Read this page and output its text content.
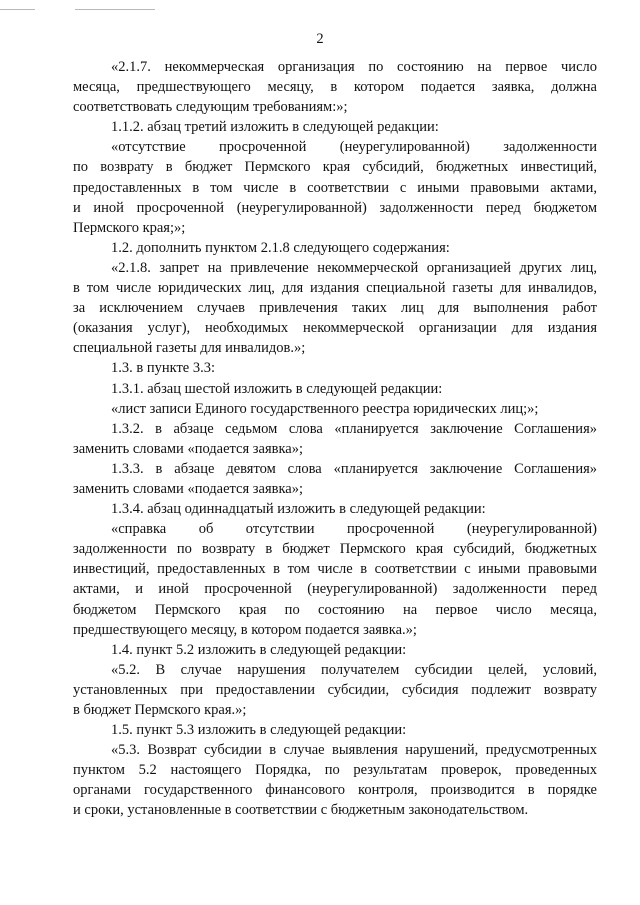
2
«2.1.7. некоммерческая организация по состоянию на первое число
месяца, предшествующего месяцу, в котором подается заявка, должна
соответствовать следующим требованиям:»;
1.1.2. абзац третий изложить в следующей редакции:
«отсутствие просроченной (неурегулированной) задолженности
по возврату в бюджет Пермского края субсидий, бюджетных инвестиций,
предоставленных в том числе в соответствии с иными правовыми актами,
и иной просроченной (неурегулированной) задолженности перед бюджетом
Пермского края;»;
1.2. дополнить пунктом 2.1.8 следующего содержания:
«2.1.8. запрет на привлечение некоммерческой организацией других лиц,
в том числе юридических лиц, для издания специальной газеты для инвалидов,
за исключением случаев привлечения таких лиц для выполнения работ
(оказания услуг), необходимых некоммерческой организации для издания
специальной газеты для инвалидов.»;
1.3. в пункте 3.3:
1.3.1. абзац шестой изложить в следующей редакции:
«лист записи Единого государственного реестра юридических лиц;»;
1.3.2. в абзаце седьмом слова «планируется заключение Соглашения»
заменить словами «подается заявка»;
1.3.3. в абзаце девятом слова «планируется заключение Соглашения»
заменить словами «подается заявка»;
1.3.4. абзац одиннадцатый изложить в следующей редакции:
«справка об отсутствии просроченной (неурегулированной)
задолженности по возврату в бюджет Пермского края субсидий, бюджетных
инвестиций, предоставленных в том числе в соответствии с иными правовыми
актами, и иной просроченной (неурегулированной) задолженности перед
бюджетом Пермского края по состоянию на первое число месяца,
предшествующего месяцу, в котором подается заявка.»;
1.4. пункт 5.2 изложить в следующей редакции:
«5.2. В случае нарушения получателем субсидии целей, условий,
установленных при предоставлении субсидии, субсидия подлежит возврату
в бюджет Пермского края.»;
1.5. пункт 5.3 изложить в следующей редакции:
«5.3. Возврат субсидии в случае выявления нарушений, предусмотренных
пунктом 5.2 настоящего Порядка, по результатам проверок, проведенных
органами государственного финансового контроля, производится в порядке
и сроки, установленные в соответствии с бюджетным законодательством.
